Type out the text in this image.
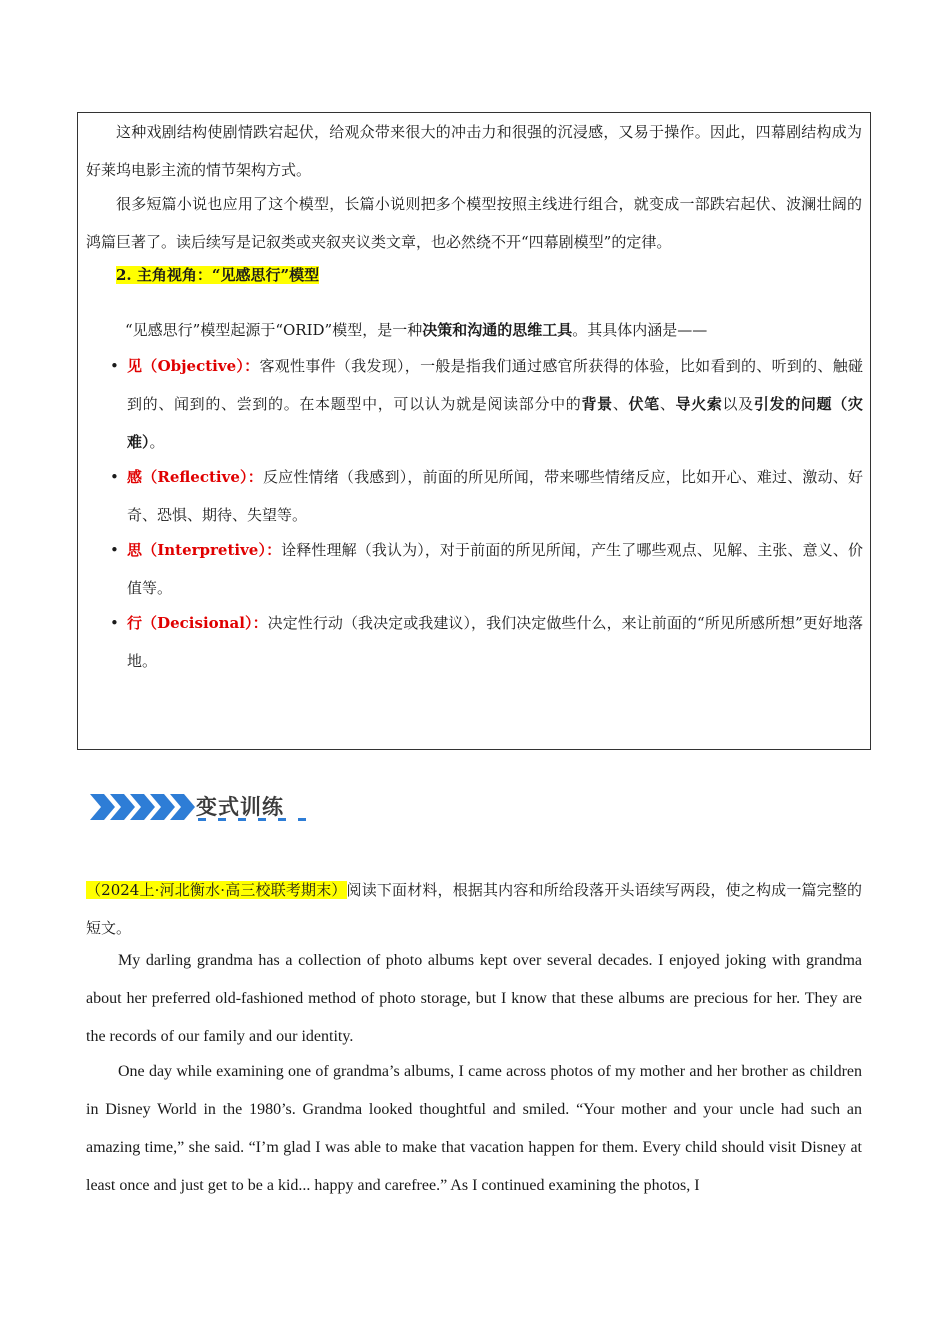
这种戏剧结构使剧情跌宕起伏，给观众带来很大的冲击力和很强的沉浸感，又易于操作。因此，四幕剧结构成为好莱坞电影主流的情节架构方式。

很多短篇小说也应用了这个模型，长篇小说则把多个模型按照主线进行组合，就变成一部跌宕起伏、波澜壮阔的鸿篇巨著了。读后续写是记叙类或夹叙夹议类文章，也必然绕不开“四幕剧模型”的定律。

2. 主角视角：“见感思行”模型

“见感思行”模型起源于“ORID”模型，是一种决策和沟通的思维工具。其具体内涵是——

• 见（Objective）：客观性事件（我发现），一般是指我们通过感官所获得的体验，比如看到的、听到的、触碰到的、闻到的、尝到的。在本题型中，可以认为就是阅读部分中的背景、伏笔、导火索以及引发的问题（灾难）。
• 感（Reflective）：反应性情绪（我感到），前面的所见所闻，带来哪些情绪反应，比如开心、难过、激动、好奇、恐惧、期待、失望等。
• 思（Interpretive）：诠释性理解（我认为），对于前面的所见所闻，产生了哪些观点、见解、主张、意义、价值等。
• 行（Decisional）：决定性行动（我决定或我建议），我们决定做些什么，来让前面的“所见所感所想”更好地落地。
变式训练

（2024上·河北衡水·高三校联考期末）阅读下面材料，根据其内容和所给段落开头语续写两段，使之构成一篇完整的短文。

My darling grandma has a collection of photo albums kept over several decades. I enjoyed joking with grandma about her preferred old-fashioned method of photo storage, but I know that these albums are precious for her. They are the records of our family and our identity.

One day while examining one of grandma’s albums, I came across photos of my mother and her brother as children in Disney World in the 1980’s. Grandma looked thoughtful and smiled. “Your mother and your uncle had such an amazing time,” she said. “I’m glad I was able to make that vacation happen for them. Every child should visit Disney at least once and just get to be a kid... happy and carefree.” As I continued examining the photos, I
